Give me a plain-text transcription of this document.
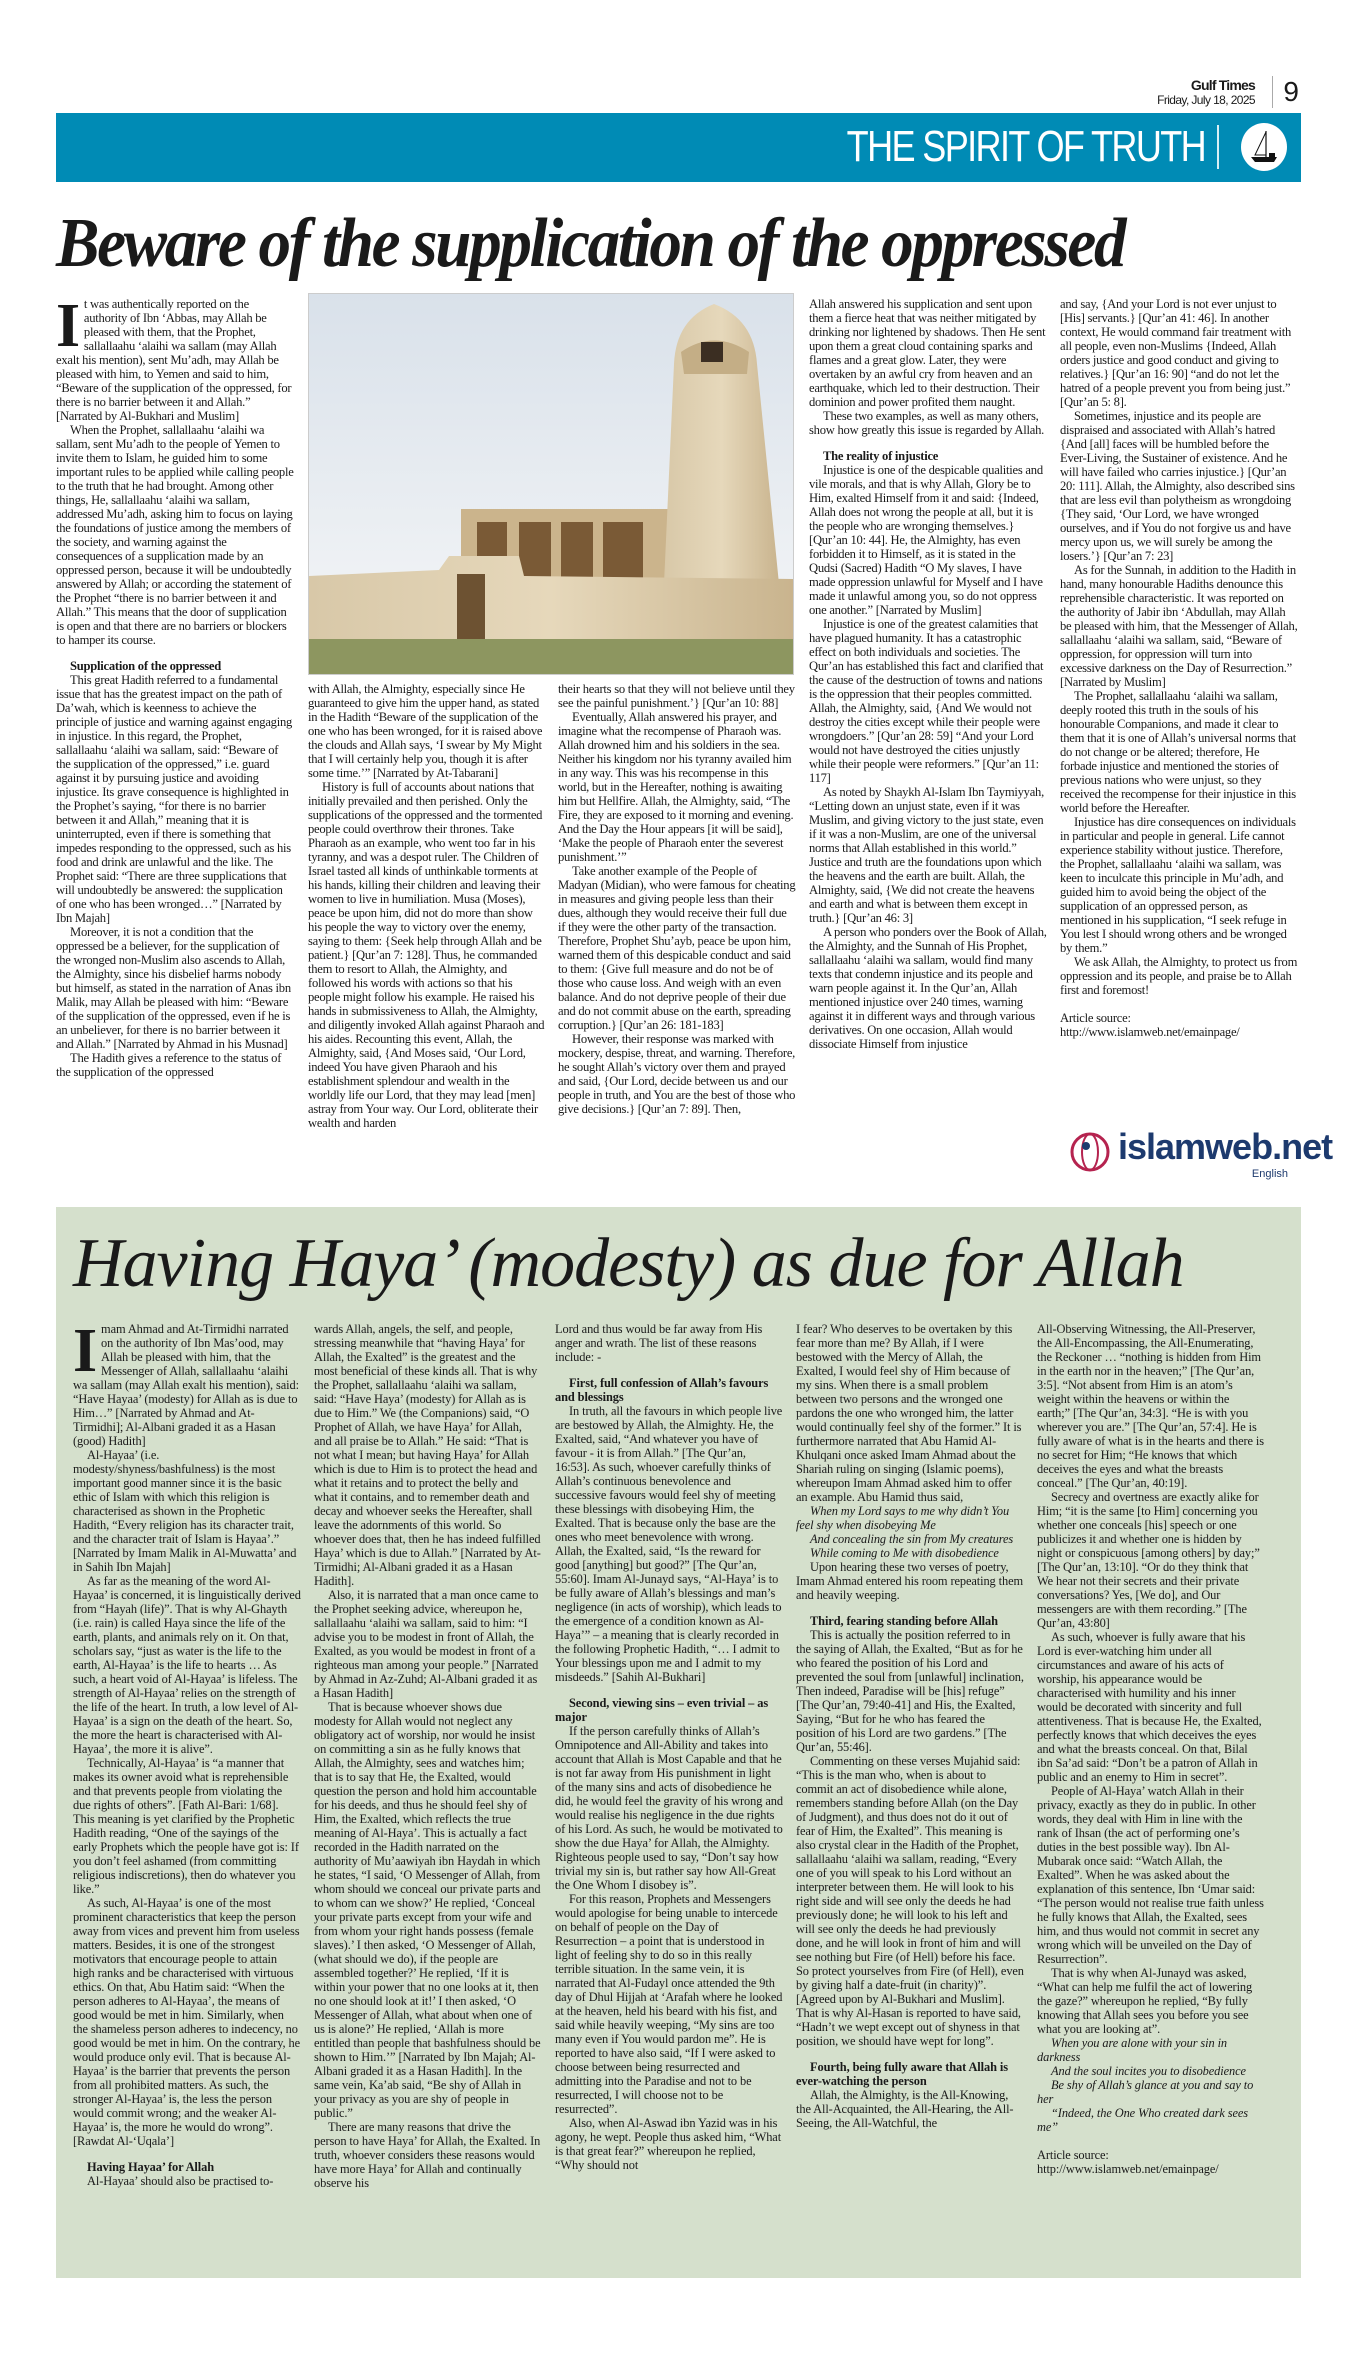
Gulf Times
Friday, July 18, 2025	9
THE SPIRIT OF TRUTH
Beware of the supplication of the oppressed

It was authentically reported on the authority of Ibn ‘Abbas, may Allah be pleased with them, that the Prophet, sallallaahu ‘alaihi wa sallam (may Allah exalt his mention), sent Mu’adh, may Allah be pleased with him, to Yemen and said to him, “Beware of the supplication of the oppressed, for there is no barrier between it and Allah.” [Narrated by Al-Bukhari and Muslim]

When the Prophet, sallallaahu ‘alaihi wa sallam, sent Mu’adh to the people of Yemen to invite them to Islam, he guided him to some important rules to be applied while calling people to the truth that he had brought. Among other things, He, sallallaahu ‘alaihi wa sallam, addressed Mu’adh, asking him to focus on laying the foundations of justice among the members of the society, and warning against the consequences of a supplication made by an oppressed person, because it will be undoubtedly answered by Allah; or according the statement of the Prophet “there is no barrier between it and Allah.” This means that the door of supplication is open and that there are no barriers or blockers to hamper its course.

Supplication of the oppressed

This great Hadith referred to a fundamental issue that has the greatest impact on the path of Da’wah, which is keenness to achieve the principle of justice and warning against engaging in injustice. In this regard, the Prophet, sallallaahu ‘alaihi wa sallam, said: “Beware of the supplication of the oppressed,” i.e. guard against it by pursuing justice and avoiding injustice. Its grave consequence is highlighted in the Prophet’s saying, “for there is no barrier between it and Allah,” meaning that it is uninterrupted, even if there is something that impedes responding to the oppressed, such as his food and drink are unlawful and the like. The Prophet said: “There are three supplications that will undoubtedly be answered: the supplication of one who has been wronged…” [Narrated by Ibn Majah]

Moreover, it is not a condition that the oppressed be a believer, for the supplication of the wronged non-Muslim also ascends to Allah, the Almighty, since his disbelief harms nobody but himself, as stated in the narration of Anas ibn Malik, may Allah be pleased with him: “Beware of the supplication of the oppressed, even if he is an unbeliever, for there is no barrier between it and Allah.” [Narrated by Ahmad in his Musnad]

The Hadith gives a reference to the status of the supplication of the oppressed

with Allah, the Almighty, especially since He guaranteed to give him the upper hand, as stated in the Hadith “Beware of the supplication of the one who has been wronged, for it is raised above the clouds and Allah says, ‘I swear by My Might that I will certainly help you, though it is after some time.’” [Narrated by At-Tabarani]

History is full of accounts about nations that initially prevailed and then perished. Only the supplications of the oppressed and the tormented people could overthrow their thrones. Take Pharaoh as an example, who went too far in his tyranny, and was a despot ruler. The Children of Israel tasted all kinds of unthinkable torments at his hands, killing their children and leaving their women to live in humiliation. Musa (Moses), peace be upon him, did not do more than show his people the way to victory over the enemy, saying to them: {Seek help through Allah and be patient.} [Qur’an 7: 128]. Thus, he commanded them to resort to Allah, the Almighty, and followed his words with actions so that his people might follow his example. He raised his hands in submissiveness to Allah, the Almighty, and diligently invoked Allah against Pharaoh and his aides. Recounting this event, Allah, the Almighty, said, {And Moses said, ‘Our Lord, indeed You have given Pharaoh and his establishment splendour and wealth in the worldly life our Lord, that they may lead [men] astray from Your way. Our Lord, obliterate their wealth and harden

their hearts so that they will not believe until they see the painful punishment.’} [Qur’an 10: 88]

Eventually, Allah answered his prayer, and imagine what the recompense of Pharaoh was. Allah drowned him and his soldiers in the sea. Neither his kingdom nor his tyranny availed him in any way. This was his recompense in this world, but in the Hereafter, nothing is awaiting him but Hellfire. Allah, the Almighty, said, “The Fire, they are exposed to it morning and evening. And the Day the Hour appears [it will be said], ‘Make the people of Pharaoh enter the severest punishment.’”

Take another example of the People of Madyan (Midian), who were famous for cheating in measures and giving people less than their dues, although they would receive their full due if they were the other party of the transaction. Therefore, Prophet Shu’ayb, peace be upon him, warned them of this despicable conduct and said to them: {Give full measure and do not be of those who cause loss. And weigh with an even balance. And do not deprive people of their due and do not commit abuse on the earth, spreading corruption.} [Qur’an 26: 181-183]

However, their response was marked with mockery, despise, threat, and warning. Therefore, he sought Allah’s victory over them and prayed and said, {Our Lord, decide between us and our people in truth, and You are the best of those who give decisions.} [Qur’an 7: 89]. Then,

Allah answered his supplication and sent upon them a fierce heat that was neither mitigated by drinking nor lightened by shadows. Then He sent upon them a great cloud containing sparks and flames and a great glow. Later, they were overtaken by an awful cry from heaven and an earthquake, which led to their destruction. Their dominion and power profited them naught.

These two examples, as well as many others, show how greatly this issue is regarded by Allah.

The reality of injustice

Injustice is one of the despicable qualities and vile morals, and that is why Allah, Glory be to Him, exalted Himself from it and said: {Indeed, Allah does not wrong the people at all, but it is the people who are wronging themselves.} [Qur’an 10: 44]. He, the Almighty, has even forbidden it to Himself, as it is stated in the Qudsi (Sacred) Hadith “O My slaves, I have made oppression unlawful for Myself and I have made it unlawful among you, so do not oppress one another.” [Narrated by Muslim]

Injustice is one of the greatest calamities that have plagued humanity. It has a catastrophic effect on both individuals and societies. The Qur’an has established this fact and clarified that the cause of the destruction of towns and nations is the oppression that their peoples committed. Allah, the Almighty, said, {And We would not destroy the cities except while their people were wrongdoers.” [Qur’an 28: 59] “And your Lord would not have destroyed the cities unjustly while their people were reformers.” [Qur’an 11: 117]

As noted by Shaykh Al-Islam Ibn Taymiyyah, “Letting down an unjust state, even if it was Muslim, and giving victory to the just state, even if it was a non-Muslim, are one of the universal norms that Allah established in this world.” Justice and truth are the foundations upon which the heavens and the earth are built. Allah, the Almighty, said, {We did not create the heavens and earth and what is between them except in truth.} [Qur’an 46: 3]

A person who ponders over the Book of Allah, the Almighty, and the Sunnah of His Prophet, sallallaahu ‘alaihi wa sallam, would find many texts that condemn injustice and its people and warn people against it. In the Qur’an, Allah mentioned injustice over 240 times, warning against it in different ways and through various derivatives. On one occasion, Allah would dissociate Himself from injustice

and say, {And your Lord is not ever unjust to [His] servants.} [Qur’an 41: 46]. In another context, He would command fair treatment with all people, even non-Muslims {Indeed, Allah orders justice and good conduct and giving to relatives.} [Qur’an 16: 90] “and do not let the hatred of a people prevent you from being just.” [Qur’an 5: 8].

Sometimes, injustice and its people are dispraised and associated with Allah’s hatred {And [all] faces will be humbled before the Ever-Living, the Sustainer of existence. And he will have failed who carries injustice.} [Qur’an 20: 111]. Allah, the Almighty, also described sins that are less evil than polytheism as wrongdoing {They said, ‘Our Lord, we have wronged ourselves, and if You do not forgive us and have mercy upon us, we will surely be among the losers.’} [Qur’an 7: 23]

As for the Sunnah, in addition to the Hadith in hand, many honourable Hadiths denounce this reprehensible characteristic. It was reported on the authority of Jabir ibn ‘Abdullah, may Allah be pleased with him, that the Messenger of Allah, sallallaahu ‘alaihi wa sallam, said, “Beware of oppression, for oppression will turn into excessive darkness on the Day of Resurrection.” [Narrated by Muslim]

The Prophet, sallallaahu ‘alaihi wa sallam, deeply rooted this truth in the souls of his honourable Companions, and made it clear to them that it is one of Allah’s universal norms that do not change or be altered; therefore, He forbade injustice and mentioned the stories of previous nations who were unjust, so they received the recompense for their injustice in this world before the Hereafter.

Injustice has dire consequences on individuals in particular and people in general. Life cannot experience stability without justice. Therefore, the Prophet, sallallaahu ‘alaihi wa sallam, was keen to inculcate this principle in Mu’adh, and guided him to avoid being the object of the supplication of an oppressed person, as mentioned in his supplication, “I seek refuge in You lest I should wrong others and be wronged by them.”

We ask Allah, the Almighty, to protect us from oppression and its people, and praise be to Allah first and foremost!

Article source: http://www.islamweb.net/emainpage/

islamweb.net
English
Having Haya’ (modesty) as due for Allah

Imam Ahmad and At-Tirmidhi narrated on the authority of Ibn Mas’ood, may Allah be pleased with him, that the Messenger of Allah, sallallaahu ‘alaihi wa sallam (may Allah exalt his mention), said: “Have Hayaa’ (modesty) for Allah as is due to Him…” [Narrated by Ahmad and At-Tirmidhi]; Al-Albani graded it as a Hasan (good) Hadith]

Al-Hayaa’ (i.e. modesty/shyness/bashfulness) is the most important good manner since it is the basic ethic of Islam with which this religion is characterised as shown in the Prophetic Hadith, “Every religion has its character trait, and the character trait of Islam is Hayaa’.” [Narrated by Imam Malik in Al-Muwatta’ and in Sahih Ibn Majah]

As far as the meaning of the word Al-Hayaa’ is concerned, it is linguistically derived from “Hayah (life)”. That is why Al-Ghayth (i.e. rain) is called Haya since the life of the earth, plants, and animals rely on it. On that, scholars say, “just as water is the life to the earth, Al-Hayaa’ is the life to hearts … As such, a heart void of Al-Hayaa’ is lifeless. The strength of Al-Hayaa’ relies on the strength of the life of the heart. In truth, a low level of Al-Hayaa’ is a sign on the death of the heart. So, the more the heart is characterised with Al-Hayaa’, the more it is alive”.

Technically, Al-Hayaa’ is “a manner that makes its owner avoid what is reprehensible and that prevents people from violating the due rights of others”. [Fath Al-Bari: 1/68]. This meaning is yet clarified by the Prophetic Hadith reading, “One of the sayings of the early Prophets which the people have got is: If you don’t feel ashamed (from committing religious indiscretions), then do whatever you like.”

As such, Al-Hayaa’ is one of the most prominent characteristics that keep the person away from vices and prevent him from useless matters. Besides, it is one of the strongest motivators that encourage people to attain high ranks and be characterised with virtuous ethics. On that, Abu Hatim said: “When the person adheres to Al-Hayaa’, the means of good would be met in him. Similarly, when the shameless person adheres to indecency, no good would be met in him. On the contrary, he would produce only evil. That is because Al-Hayaa’ is the barrier that prevents the person from all prohibited matters. As such, the stronger Al-Hayaa’ is, the less the person would commit wrong; and the weaker Al-Hayaa’ is, the more he would do wrong”. [Rawdat Al-‘Uqala’]

Having Hayaa’ for Allah

Al-Hayaa’ should also be practised to-

wards Allah, angels, the self, and people, stressing meanwhile that “having Haya’ for Allah, the Exalted” is the greatest and the most beneficial of these kinds all. That is why the Prophet, sallallaahu ‘alaihi wa sallam, said: “Have Haya’ (modesty) for Allah as is due to Him.” We (the Companions) said, “O Prophet of Allah, we have Haya’ for Allah, and all praise be to Allah.” He said: “That is not what I mean; but having Haya’ for Allah which is due to Him is to protect the head and what it retains and to protect the belly and what it contains, and to remember death and decay and whoever seeks the Hereafter, shall leave the adornments of this world. So whoever does that, then he has indeed fulfilled Haya’ which is due to Allah.” [Narrated by At-Tirmidhi; Al-Albani graded it as a Hasan Hadith].

Also, it is narrated that a man once came to the Prophet seeking advice, whereupon he, sallallaahu ‘alaihi wa sallam, said to him: “I advise you to be modest in front of Allah, the Exalted, as you would be modest in front of a righteous man among your people.” [Narrated by Ahmad in Az-Zuhd; Al-Albani graded it as a Hasan Hadith]

That is because whoever shows due modesty for Allah would not neglect any obligatory act of worship, nor would he insist on committing a sin as he fully knows that Allah, the Almighty, sees and watches him; that is to say that He, the Exalted, would question the person and hold him accountable for his deeds, and thus he should feel shy of Him, the Exalted, which reflects the true meaning of Al-Haya’. This is actually a fact recorded in the Hadith narrated on the authority of Mu’aawiyah ibn Haydah in which he states, “I said, ‘O Messenger of Allah, from whom should we conceal our private parts and to whom can we show?’ He replied, ‘Conceal your private parts except from your wife and from whom your right hands possess (female slaves).’ I then asked, ‘O Messenger of Allah, (what should we do), if the people are assembled together?’ He replied, ‘If it is within your power that no one looks at it, then no one should look at it!’ I then asked, ‘O Messenger of Allah, what about when one of us is alone?’ He replied, ‘Allah is more entitled than people that bashfulness should be shown to Him.’” [Narrated by Ibn Majah; Al-Albani graded it as a Hasan Hadith]. In the same vein, Ka’ab said, “Be shy of Allah in your privacy as you are shy of people in public.”

There are many reasons that drive the person to have Haya’ for Allah, the Exalted. In truth, whoever considers these reasons would have more Haya’ for Allah and continually observe his

Lord and thus would be far away from His anger and wrath. The list of these reasons include: -

First, full confession of Allah’s favours and blessings

In truth, all the favours in which people live are bestowed by Allah, the Almighty. He, the Exalted, said, “And whatever you have of favour - it is from Allah.” [The Qur’an, 16:53]. As such, whoever carefully thinks of Allah’s continuous benevolence and successive favours would feel shy of meeting these blessings with disobeying Him, the Exalted. That is because only the base are the ones who meet benevolence with wrong. Allah, the Exalted, said, “Is the reward for good [anything] but good?” [The Qur’an, 55:60]. Imam Al-Junayd says, “Al-Haya’ is to be fully aware of Allah’s blessings and man’s negligence (in acts of worship), which leads to the emergence of a condition known as Al-Haya’” – a meaning that is clearly recorded in the following Prophetic Hadith, “… I admit to Your blessings upon me and I admit to my misdeeds.” [Sahih Al-Bukhari]

Second, viewing sins – even trivial – as major

If the person carefully thinks of Allah’s Omnipotence and All-Ability and takes into account that Allah is Most Capable and that he is not far away from His punishment in light of the many sins and acts of disobedience he did, he would feel the gravity of his wrong and would realise his negligence in the due rights of his Lord. As such, he would be motivated to show the due Haya’ for Allah, the Almighty. Righteous people used to say, “Don’t say how trivial my sin is, but rather say how All-Great the One Whom I disobey is”.

For this reason, Prophets and Messengers would apologise for being unable to intercede on behalf of people on the Day of Resurrection – a point that is understood in light of feeling shy to do so in this really terrible situation. In the same vein, it is narrated that Al-Fudayl once attended the 9th day of Dhul Hijjah at ‘Arafah where he looked at the heaven, held his beard with his fist, and said while heavily weeping, “My sins are too many even if You would pardon me”. He is reported to have also said, “If I were asked to choose between being resurrected and admitting into the Paradise and not to be resurrected, I will choose not to be resurrected”.

Also, when Al-Aswad ibn Yazid was in his agony, he wept. People thus asked him, “What is that great fear?” whereupon he replied, “Why should not

I fear? Who deserves to be overtaken by this fear more than me? By Allah, if I were bestowed with the Mercy of Allah, the Exalted, I would feel shy of Him because of my sins. When there is a small problem between two persons and the wronged one pardons the one who wronged him, the latter would continually feel shy of the former.” It is furthermore narrated that Abu Hamid Al-Khulqani once asked Imam Ahmad about the Shariah ruling on singing (Islamic poems), whereupon Imam Ahmad asked him to offer an example. Abu Hamid thus said,

When my Lord says to me why didn’t You feel shy when disobeying Me

And concealing the sin from My creatures

While coming to Me with disobedience

Upon hearing these two verses of poetry, Imam Ahmad entered his room repeating them and heavily weeping.

Third, fearing standing before Allah

This is actually the position referred to in the saying of Allah, the Exalted, “But as for he who feared the position of his Lord and prevented the soul from [unlawful] inclination, Then indeed, Paradise will be [his] refuge” [The Qur’an, 79:40-41] and His, the Exalted, Saying, “But for he who has feared the position of his Lord are two gardens.” [The Qur’an, 55:46].

Commenting on these verses Mujahid said: “This is the man who, when is about to commit an act of disobedience while alone, remembers standing before Allah (on the Day of Judgment), and thus does not do it out of fear of Him, the Exalted”. This meaning is also crystal clear in the Hadith of the Prophet, sallallaahu ‘alaihi wa sallam, reading, “Every one of you will speak to his Lord without an interpreter between them. He will look to his right side and will see only the deeds he had previously done; he will look to his left and will see only the deeds he had previously done, and he will look in front of him and will see nothing but Fire (of Hell) before his face. So protect yourselves from Fire (of Hell), even by giving half a date-fruit (in charity)”. [Agreed upon by Al-Bukhari and Muslim]. That is why Al-Hasan is reported to have said, “Hadn’t we wept except out of shyness in that position, we should have wept for long”.

Fourth, being fully aware that Allah is ever-watching the person

Allah, the Almighty, is the All-Knowing, the All-Acquainted, the All-Hearing, the All-Seeing, the All-Watchful, the

All-Observing Witnessing, the All-Preserver, the All-Encompassing, the All-Enumerating, the Reckoner … “nothing is hidden from Him in the earth nor in the heaven;” [The Qur’an, 3:5]. “Not absent from Him is an atom’s weight within the heavens or within the earth;” [The Qur’an, 34:3]. “He is with you wherever you are.” [The Qur’an, 57:4]. He is fully aware of what is in the hearts and there is no secret for Him; “He knows that which deceives the eyes and what the breasts conceal.” [The Qur’an, 40:19].

Secrecy and overtness are exactly alike for Him; “it is the same [to Him] concerning you whether one conceals [his] speech or one publicizes it and whether one is hidden by night or conspicuous [among others] by day;” [The Qur’an, 13:10]. “Or do they think that We hear not their secrets and their private conversations? Yes, [We do], and Our messengers are with them recording.” [The Qur’an, 43:80]

As such, whoever is fully aware that his Lord is ever-watching him under all circumstances and aware of his acts of worship, his appearance would be characterised with humility and his inner would be decorated with sincerity and full attentiveness. That is because He, the Exalted, perfectly knows that which deceives the eyes and what the breasts conceal. On that, Bilal ibn Sa’ad said: “Don’t be a patron of Allah in public and an enemy to Him in secret”.

People of Al-Haya’ watch Allah in their privacy, exactly as they do in public. In other words, they deal with Him in line with the rank of Ihsan (the act of performing one’s duties in the best possible way). Ibn Al-Mubarak once said: “Watch Allah, the Exalted”. When he was asked about the explanation of this sentence, Ibn ‘Umar said: “The person would not realise true faith unless he fully knows that Allah, the Exalted, sees him, and thus would not commit in secret any wrong which will be unveiled on the Day of Resurrection”.

That is why when Al-Junayd was asked, “What can help me fulfil the act of lowering the gaze?” whereupon he replied, “By fully knowing that Allah sees you before you see what you are looking at”.

When you are alone with your sin in darkness

And the soul incites you to disobedience

Be shy of Allah’s glance at you and say to her

“Indeed, the One Who created dark sees me”

Article source: http://www.islamweb.net/emainpage/
